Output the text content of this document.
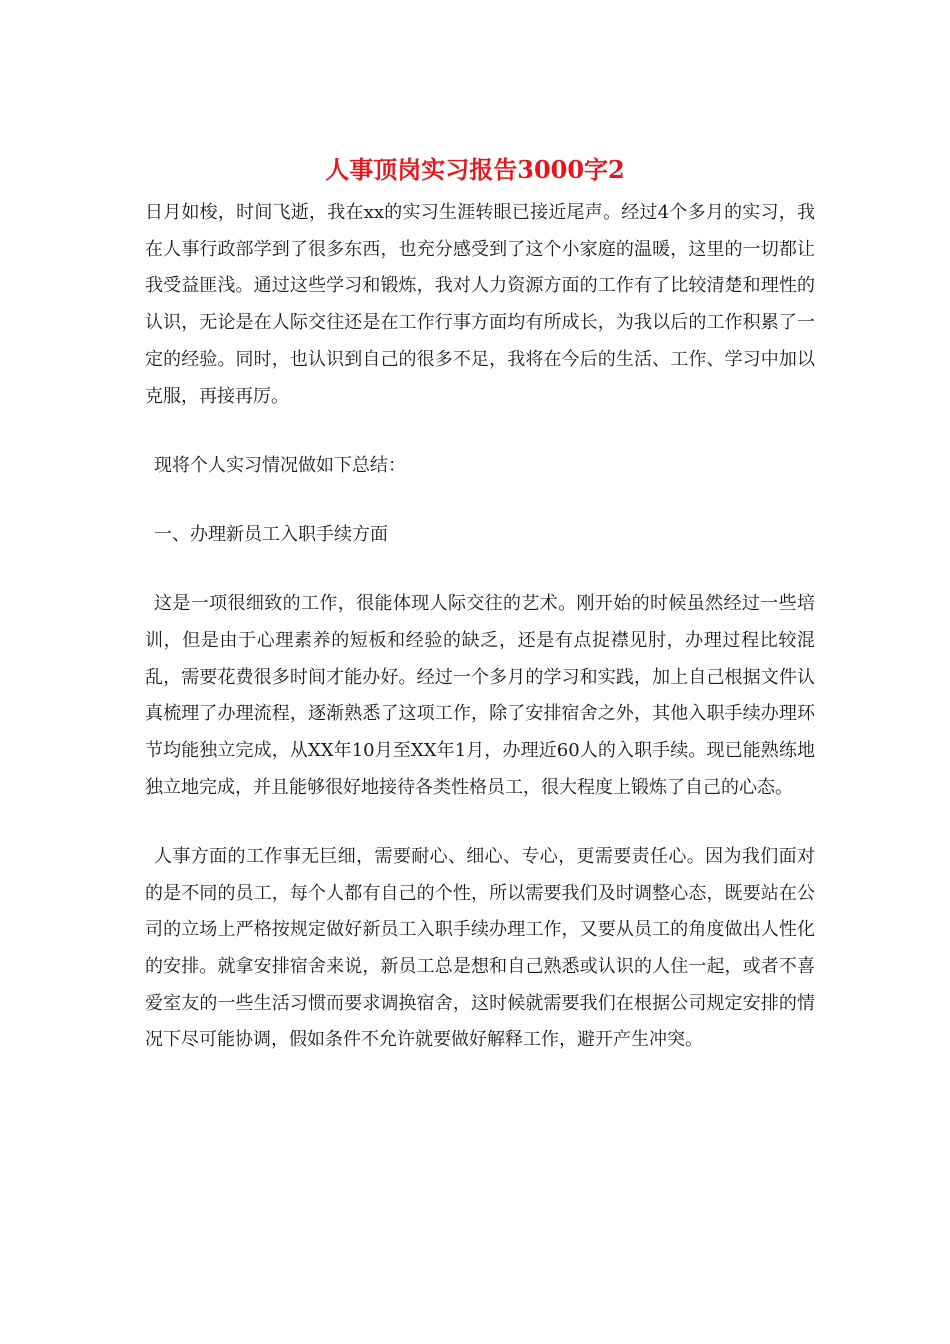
人事顶岗实习报告3000字2

日月如梭，时间飞逝，我在xx的实习生涯转眼已接近尾声。经过4个多月的实习，我在人事行政部学到了很多东西，也充分感受到了这个小家庭的温暖，这里的一切都让我受益匪浅。通过这些学习和锻炼，我对人力资源方面的工作有了比较清楚和理性的认识，无论是在人际交往还是在工作行事方面均有所成长，为我以后的工作积累了一定的经验。同时，也认识到自己的很多不足，我将在今后的生活、工作、学习中加以克服，再接再厉。

现将个人实习情况做如下总结：

一、办理新员工入职手续方面

这是一项很细致的工作，很能体现人际交往的艺术。刚开始的时候虽然经过一些培训，但是由于心理素养的短板和经验的缺乏，还是有点捉襟见肘，办理过程比较混乱，需要花费很多时间才能办好。经过一个多月的学习和实践，加上自己根据文件认真梳理了办理流程，逐渐熟悉了这项工作，除了安排宿舍之外，其他入职手续办理环节均能独立完成，从XX年10月至XX年1月，办理近60人的入职手续。现已能熟练地独立地完成，并且能够很好地接待各类性格员工，很大程度上锻炼了自己的心态。

人事方面的工作事无巨细，需要耐心、细心、专心，更需要责任心。因为我们面对的是不同的员工，每个人都有自己的个性，所以需要我们及时调整心态，既要站在公司的立场上严格按规定做好新员工入职手续办理工作，又要从员工的角度做出人性化的安排。就拿安排宿舍来说，新员工总是想和自己熟悉或认识的人住一起，或者不喜爱室友的一些生活习惯而要求调换宿舍，这时候就需要我们在根据公司规定安排的情况下尽可能协调，假如条件不允许就要做好解释工作，避开产生冲突。
